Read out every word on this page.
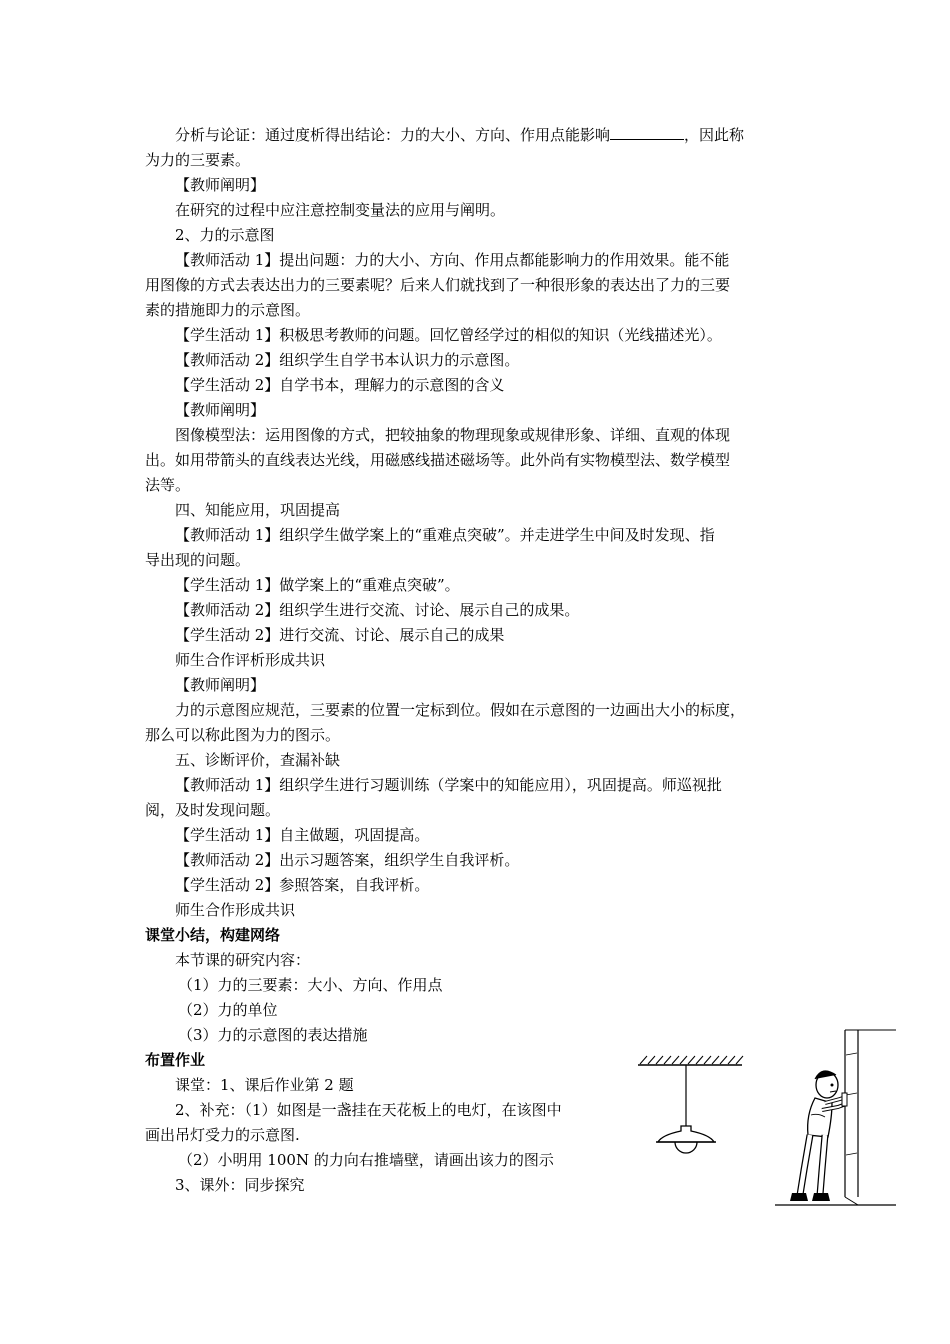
分析与论证：通过度析得出结论：力的大小、方向、作用点能影响	，因此称
为力的三要素。
【教师阐明】
在研究的过程中应注意控制变量法的应用与阐明。
2、力的示意图
【教师活动 1】提出问题：力的大小、方向、作用点都能影响力的作用效果。能不能
用图像的方式去表达出力的三要素呢？后来人们就找到了一种很形象的表达出了力的三要
素的措施即力的示意图。
【学生活动 1】积极思考教师的问题。回忆曾经学过的相似的知识（光线描述光）。
【教师活动 2】组织学生自学书本认识力的示意图。
【学生活动 2】自学书本，理解力的示意图的含义
【教师阐明】
图像模型法：运用图像的方式，把较抽象的物理现象或规律形象、详细、直观的体现
出。如用带箭头的直线表达光线，用磁感线描述磁场等。此外尚有实物模型法、数学模型
法等。
四、知能应用，巩固提高
【教师活动 1】组织学生做学案上的“重难点突破”。并走进学生中间及时发现、指
导出现的问题。
【学生活动 1】做学案上的“重难点突破”。
【教师活动 2】组织学生进行交流、讨论、展示自己的成果。
【学生活动 2】进行交流、讨论、展示自己的成果
师生合作评析形成共识
【教师阐明】
力的示意图应规范，三要素的位置一定标到位。假如在示意图的一边画出大小的标度，
那么可以称此图为力的图示。
五、诊断评价，查漏补缺
【教师活动 1】组织学生进行习题训练（学案中的知能应用），巩固提高。师巡视批
阅，及时发现问题。
【学生活动 1】自主做题，巩固提高。
【教师活动 2】出示习题答案，组织学生自我评析。
【学生活动 2】参照答案，自我评析。
师生合作形成共识
课堂小结，构建网络
本节课的研究内容：
（1）力的三要素：大小、方向、作用点
（2）力的单位
（3）力的示意图的表达措施
布置作业
课堂：1、课后作业第 2 题
2、补充：（1）如图是一盏挂在天花板上的电灯，在该图中
画出吊灯受力的示意图.
（2）小明用 100N 的力向右推墙壁，请画出该力的图示
3、课外：同步探究
